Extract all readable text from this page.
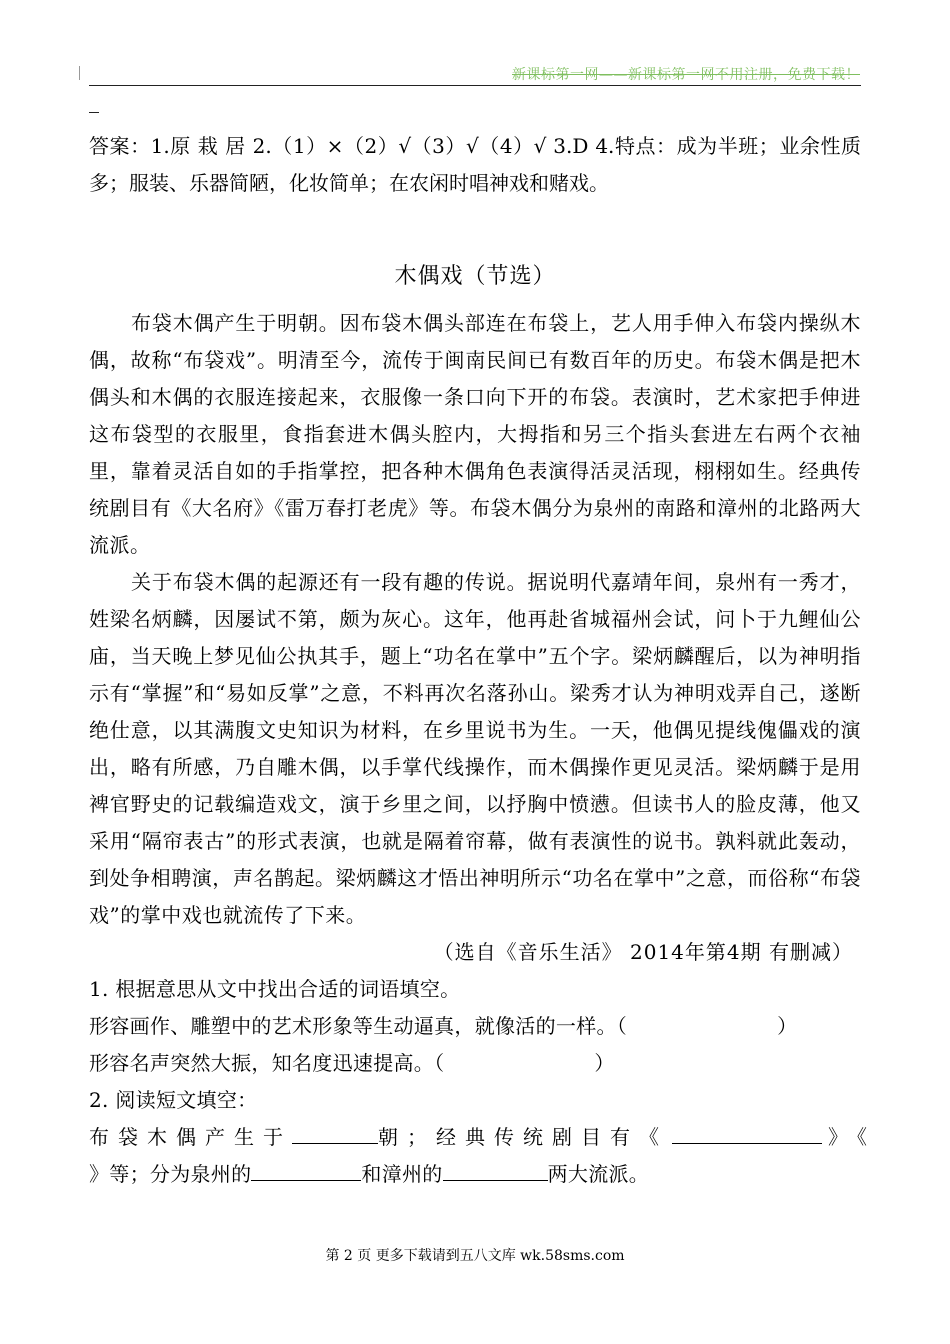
新课标第一网——新课标第一网不用注册，免费下载！

答案：1.原 栽 居 2.（1）×（2）√（3）√（4）√ 3.D 4.特点：成为半班；业余性质多；服装、乐器简陋，化妆简单；在农闲时唱神戏和赌戏。

木偶戏（节选）

布袋木偶产生于明朝。因布袋木偶头部连在布袋上，艺人用手伸入布袋内操纵木偶，故称“布袋戏”。明清至今，流传于闽南民间已有数百年的历史。布袋木偶是把木偶头和木偶的衣服连接起来，衣服像一条口向下开的布袋。表演时，艺术家把手伸进这布袋型的衣服里，食指套进木偶头腔内，大拇指和另三个指头套进左右两个衣袖里，靠着灵活自如的手指掌控，把各种木偶角色表演得活灵活现，栩栩如生。经典传统剧目有《大名府》《雷万春打老虎》等。布袋木偶分为泉州的南路和漳州的北路两大流派。

关于布袋木偶的起源还有一段有趣的传说。据说明代嘉靖年间，泉州有一秀才，姓梁名炳麟，因屡试不第，颇为灰心。这年，他再赴省城福州会试，问卜于九鲤仙公庙，当天晚上梦见仙公执其手，题上“功名在掌中”五个字。梁炳麟醒后，以为神明指示有“掌握”和“易如反掌”之意，不料再次名落孙山。梁秀才认为神明戏弄自己，遂断绝仕意，以其满腹文史知识为材料，在乡里说书为生。一天，他偶见提线傀儡戏的演出，略有所感，乃自雕木偶，以手掌代线操作，而木偶操作更见灵活。梁炳麟于是用裨官野史的记载编造戏文，演于乡里之间，以抒胸中愤懑。但读书人的脸皮薄，他又采用“隔帘表古”的形式表演，也就是隔着帘幕，做有表演性的说书。孰料就此轰动，到处争相聘演，声名鹊起。梁炳麟这才悟出神明所示“功名在掌中”之意，而俗称“布袋戏”的掌中戏也就流传了下来。

（选自《音乐生活》 2014年第4期 有删减）

1. 根据意思从文中找出合适的词语填空。

形容画作、雕塑中的艺术形象等生动逼真，就像活的一样。（	）

形容名声突然大振，知名度迅速提高。（	）

2. 阅读短文填空：

布袋木偶产生于	朝；经典传统剧目有《	》《

》等；分为泉州的	和漳州的	两大流派。

第 2 页 更多下载请到五八文库 wk.58sms.com
